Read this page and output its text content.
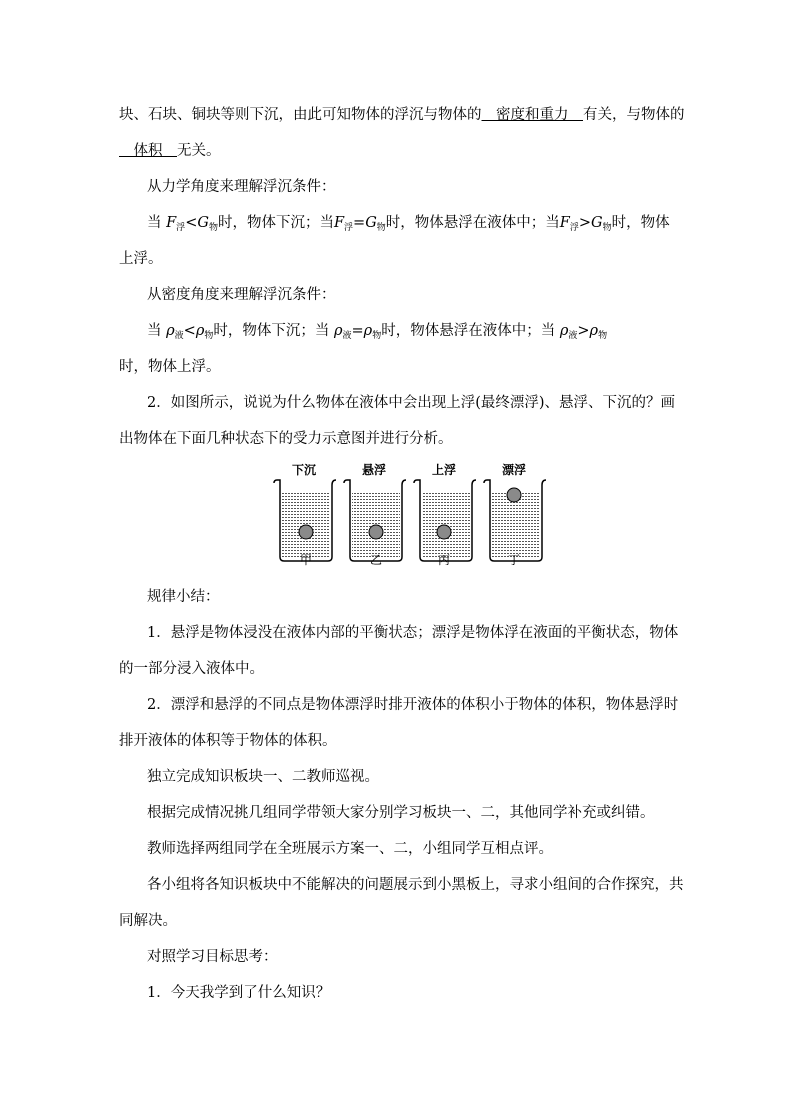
块、石块、铜块等则下沉，由此可知物体的浮沉与物体的　密度和重力　有关，与物体的
　体积　无关。
从力学角度来理解浮沉条件：
当 $F_浮<G_物$时，物体下沉；当$F_浮=G_物$时，物体悬浮在液体中；当$F_浮>G_物$时，物体
上浮。
从密度角度来理解浮沉条件：
当 $\rho_液<\rho_物$时，物体下沉；当 $\rho_液=\rho_物$时，物体悬浮在液体中；当 $\rho_液>\rho_物$
时，物体上浮。
2．如图所示，说说为什么物体在液体中会出现上浮(最终漂浮)、悬浮、下沉的？画
出物体在下面几种状态下的受力示意图并进行分析。
下沉	悬浮	上浮	漂浮
甲	乙	丙	丁
规律小结：
1．悬浮是物体浸没在液体内部的平衡状态；漂浮是物体浮在液面的平衡状态，物体
的一部分浸入液体中。
2．漂浮和悬浮的不同点是物体漂浮时排开液体的体积小于物体的体积，物体悬浮时
排开液体的体积等于物体的体积。
独立完成知识板块一、二教师巡视。
根据完成情况挑几组同学带领大家分别学习板块一、二，其他同学补充或纠错。
教师选择两组同学在全班展示方案一、二，小组同学互相点评。
各小组将各知识板块中不能解决的问题展示到小黑板上，寻求小组间的合作探究，共
同解决。
对照学习目标思考：
1．今天我学到了什么知识？
